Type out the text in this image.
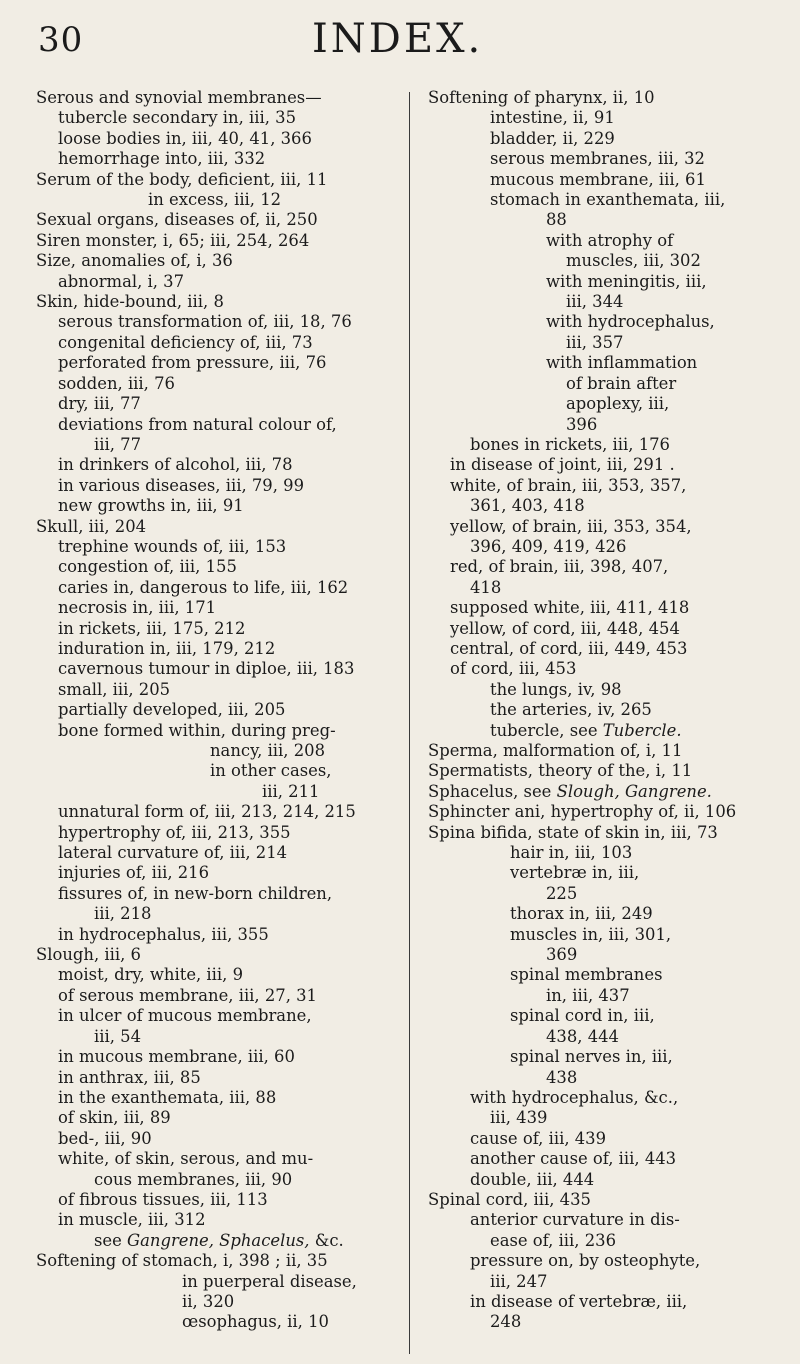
30	INDEX.
Serous and synovial membranes—
tubercle secondary in, iii, 35
loose bodies in, iii, 40, 41, 366
hemorrhage into, iii, 332
Serum of the body, deficient, iii, 11
in excess, iii, 12
Sexual organs, diseases of, ii, 250
Siren monster, i, 65; iii, 254, 264
Size, anomalies of, i, 36
abnormal, i, 37
Skin, hide-bound, iii, 8
serous transformation of, iii, 18, 76
congenital deficiency of, iii, 73
perforated from pressure, iii, 76
sodden, iii, 76
dry, iii, 77
deviations from natural colour of,
iii, 77
in drinkers of alcohol, iii, 78
in various diseases, iii, 79, 99
new growths in, iii, 91
Skull, iii, 204
trephine wounds of, iii, 153
congestion of, iii, 155
caries in, dangerous to life, iii, 162
necrosis in, iii, 171
in rickets, iii, 175, 212
induration in, iii, 179, 212
cavernous tumour in diploe, iii, 183
small, iii, 205
partially developed, iii, 205
bone formed within, during preg-
nancy, iii, 208
in other cases,
iii, 211
unnatural form of, iii, 213, 214, 215
hypertrophy of, iii, 213, 355
lateral curvature of, iii, 214
injuries of, iii, 216
fissures of, in new-born children,
iii, 218
in hydrocephalus, iii, 355
Slough, iii, 6
moist, dry, white, iii, 9
of serous membrane, iii, 27, 31
in ulcer of mucous membrane,
iii, 54
in mucous membrane, iii, 60
in anthrax, iii, 85
in the exanthemata, iii, 88
of skin, iii, 89
bed-, iii, 90
white, of skin, serous, and mu-
cous membranes, iii, 90
of fibrous tissues, iii, 113
in muscle, iii, 312
see Gangrene, Sphacelus, &c.
Softening of stomach, i, 398 ; ii, 35
in puerperal disease,
ii, 320
œsophagus, ii, 10
Softening of pharynx, ii, 10
intestine, ii, 91
bladder, ii, 229
serous membranes, iii, 32
mucous membrane, iii, 61
stomach in exanthemata, iii,
88
with atrophy of
muscles, iii, 302
with meningitis, iii,
iii, 344
with hydrocephalus,
iii, 357
with inflammation
of brain after
apoplexy, iii,
396
bones in rickets, iii, 176
in disease of joint, iii, 291 .
white, of brain, iii, 353, 357,
361, 403, 418
yellow, of brain, iii, 353, 354,
396, 409, 419, 426
red, of brain, iii, 398, 407,
418
supposed white, iii, 411, 418
yellow, of cord, iii, 448, 454
central, of cord, iii, 449, 453
of cord, iii, 453
the lungs, iv, 98
the arteries, iv, 265
tubercle, see Tubercle.
Sperma, malformation of, i, 11
Spermatists, theory of the, i, 11
Sphacelus, see Slough, Gangrene.
Sphincter ani, hypertrophy of, ii, 106
Spina bifida, state of skin in, iii, 73
hair in, iii, 103
vertebræ in, iii,
225
thorax in, iii, 249
muscles in, iii, 301,
369
spinal membranes
in, iii, 437
spinal cord in, iii,
438, 444
spinal nerves in, iii,
438
with hydrocephalus, &c.,
iii, 439
cause of, iii, 439
another cause of, iii, 443
double, iii, 444
Spinal cord, iii, 435
anterior curvature in dis-
ease of, iii, 236
pressure on, by osteophyte,
iii, 247
in disease of vertebræ, iii,
248
